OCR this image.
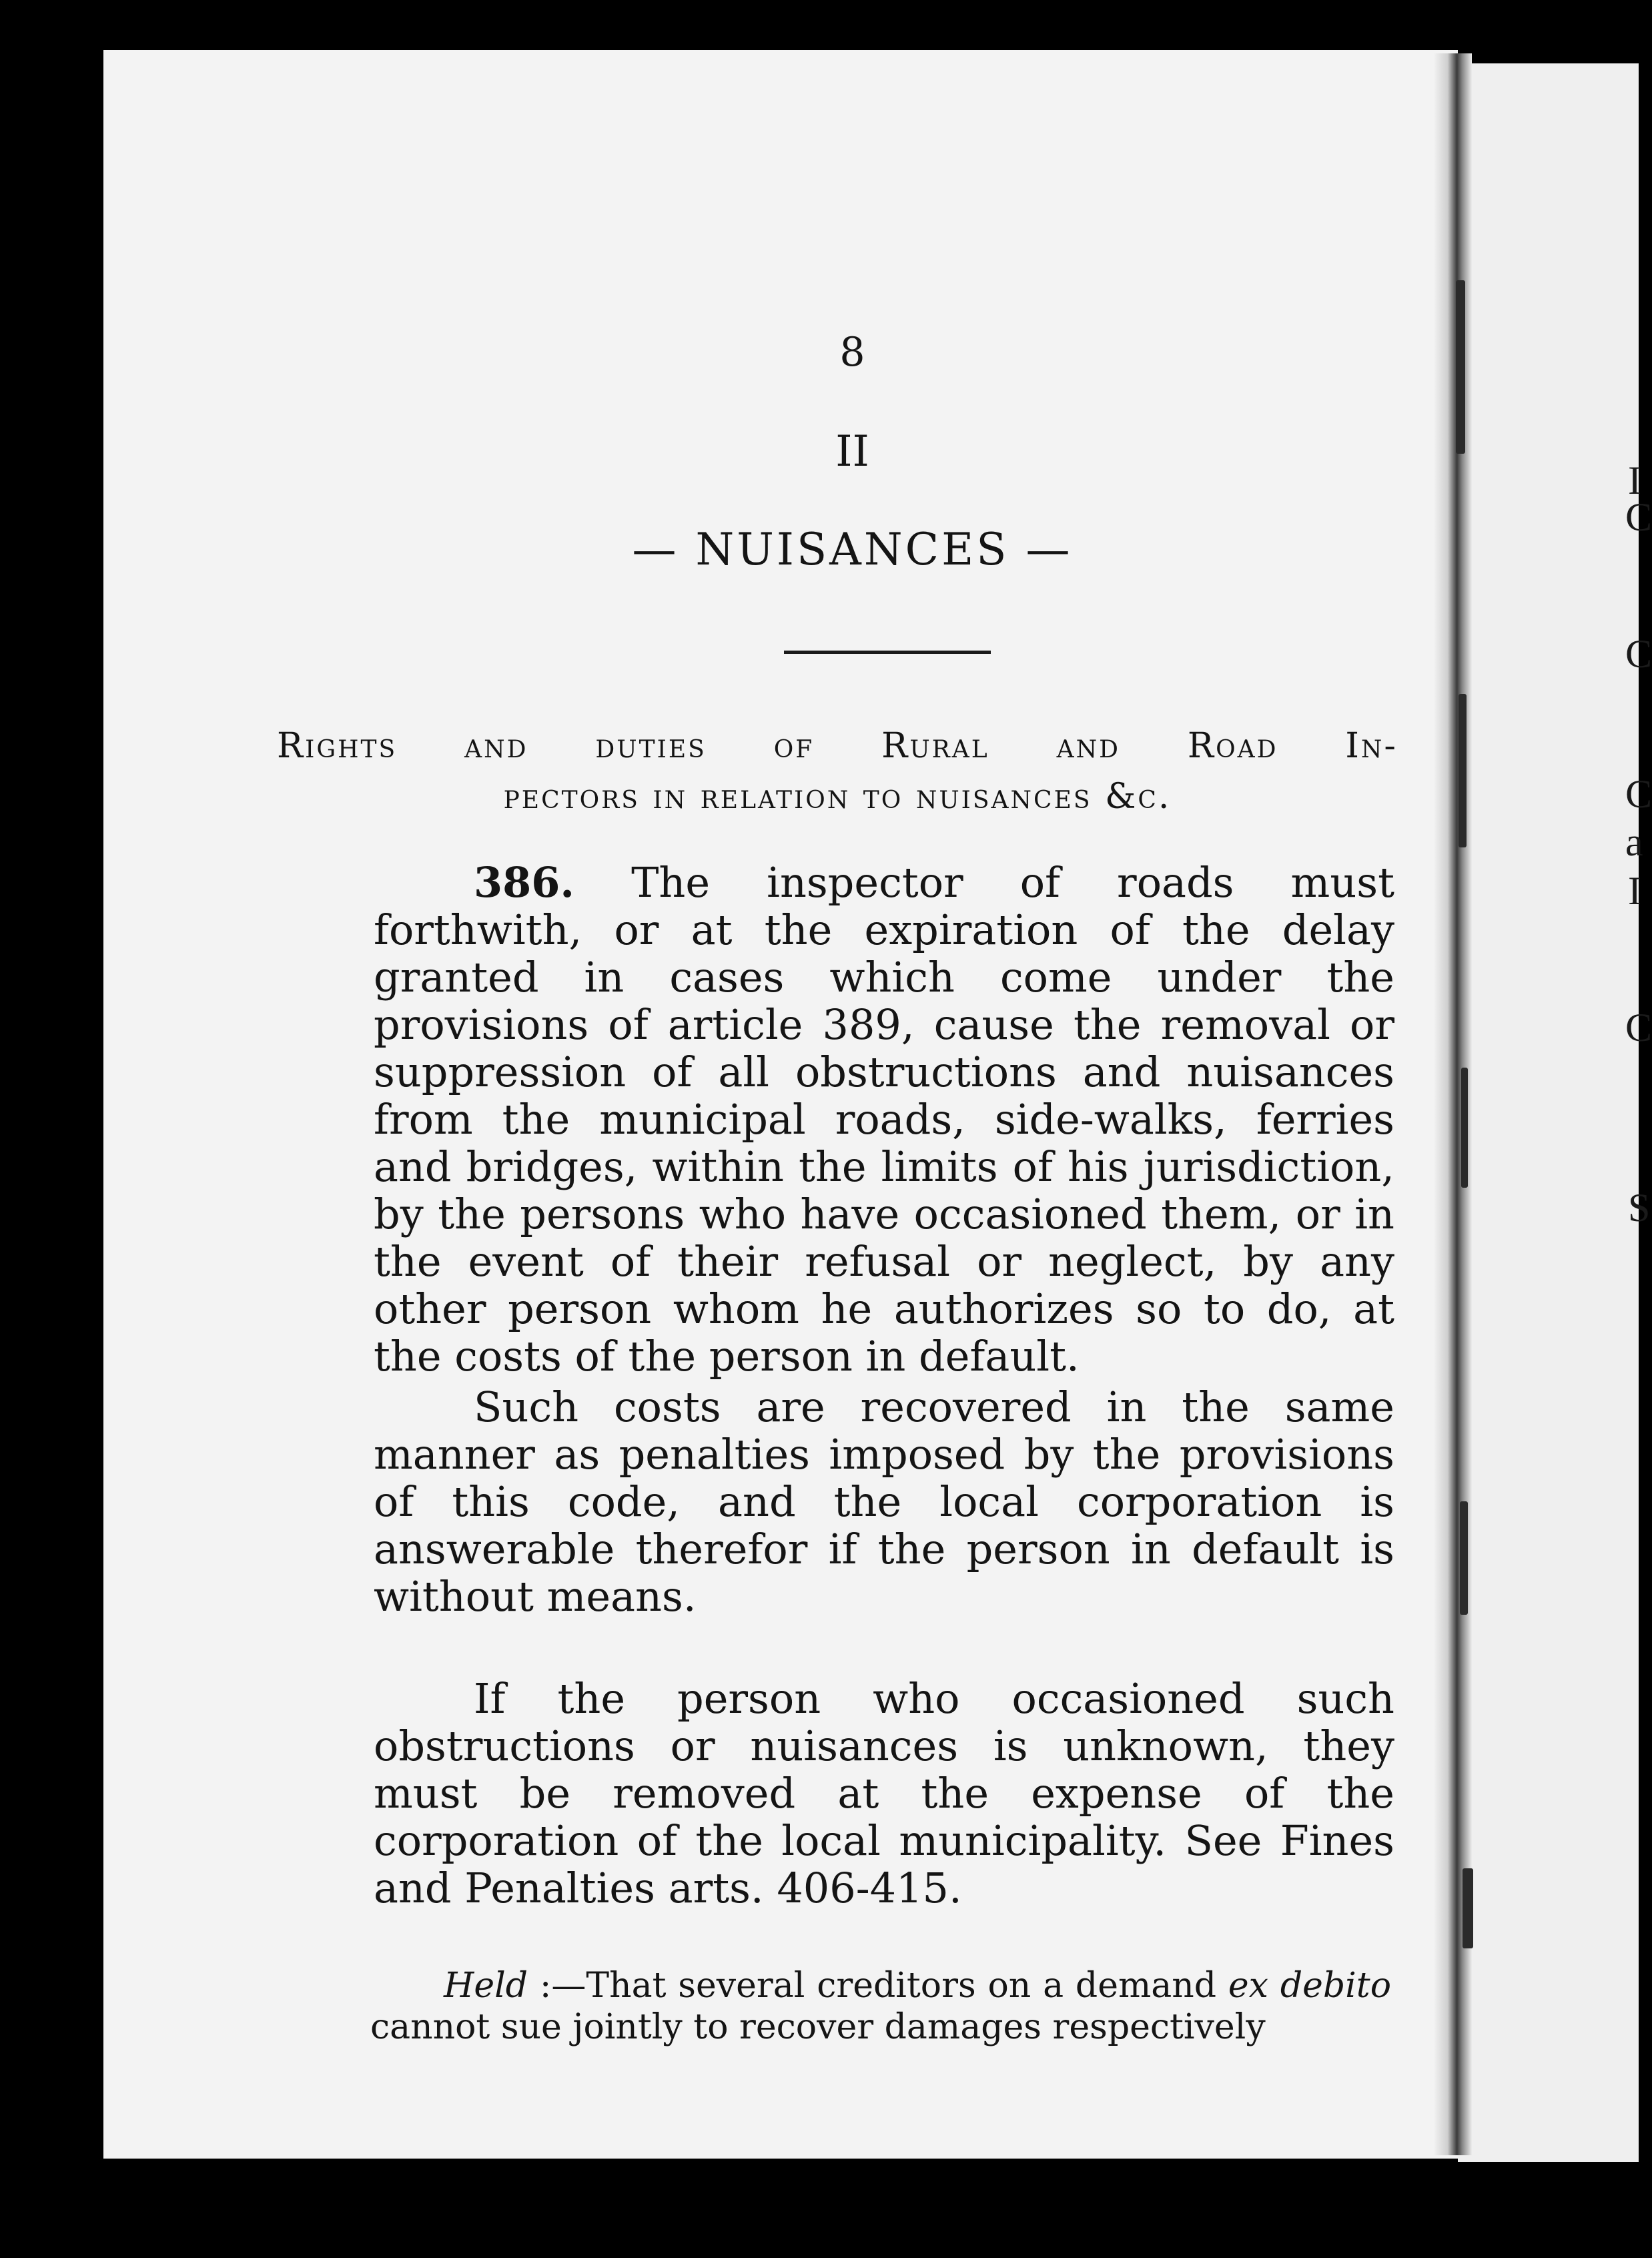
8
II
— NUISANCES —
Rights and duties of Rural and Road In-
pectors in relation to nuisances &c.
386. The inspector of roads must forthwith, or at the expiration of the delay granted in cases which come under the provisions of article 389, cause the removal or suppression of all obstructions and nuisances from the municipal roads, side-walks, ferries and bridges, within the limits of his jurisdiction, by the persons who have occasioned them, or in the event of their refusal or neglect, by any other person whom he authorizes so to do, at the costs of the person in default.
Such costs are recovered in the same manner as penalties imposed by the provisions of this code, and the local corporation is answerable therefor if the person in default is without means.
If the person who occasioned such obstructions or nuisances is unknown, they must be removed at the expense of the corporation of the local municipality. See Fines and Penalties arts. 406-415.
Held :—That several creditors on a demand ex debito
cannot sue jointly to recover damages respectively
I
C
C
C
a
I
C
S
